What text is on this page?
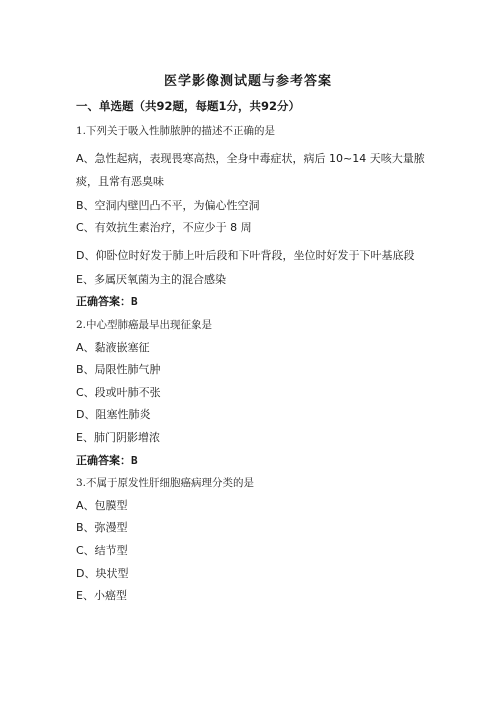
医学影像测试题与参考答案
一、单选题（共92题，每题1分，共92分）
1.下列关于吸入性肺脓肿的描述不正确的是
A、急性起病，表现畏寒高热，全身中毒症状，病后 10~14 天咳大量脓痰，且常有恶臭味
B、空洞内壁凹凸不平，为偏心性空洞
C、有效抗生素治疗，不应少于 8 周
D、仰卧位时好发于肺上叶后段和下叶背段，坐位时好发于下叶基底段
E、多属厌氧菌为主的混合感染
正确答案：B
2.中心型肺癌最早出现征象是
A、黏液嵌塞征
B、局限性肺气肿
C、段或叶肺不张
D、阻塞性肺炎
E、肺门阴影增浓
正确答案：B
3.不属于原发性肝细胞癌病理分类的是
A、包膜型
B、弥漫型
C、结节型
D、块状型
E、小癌型
